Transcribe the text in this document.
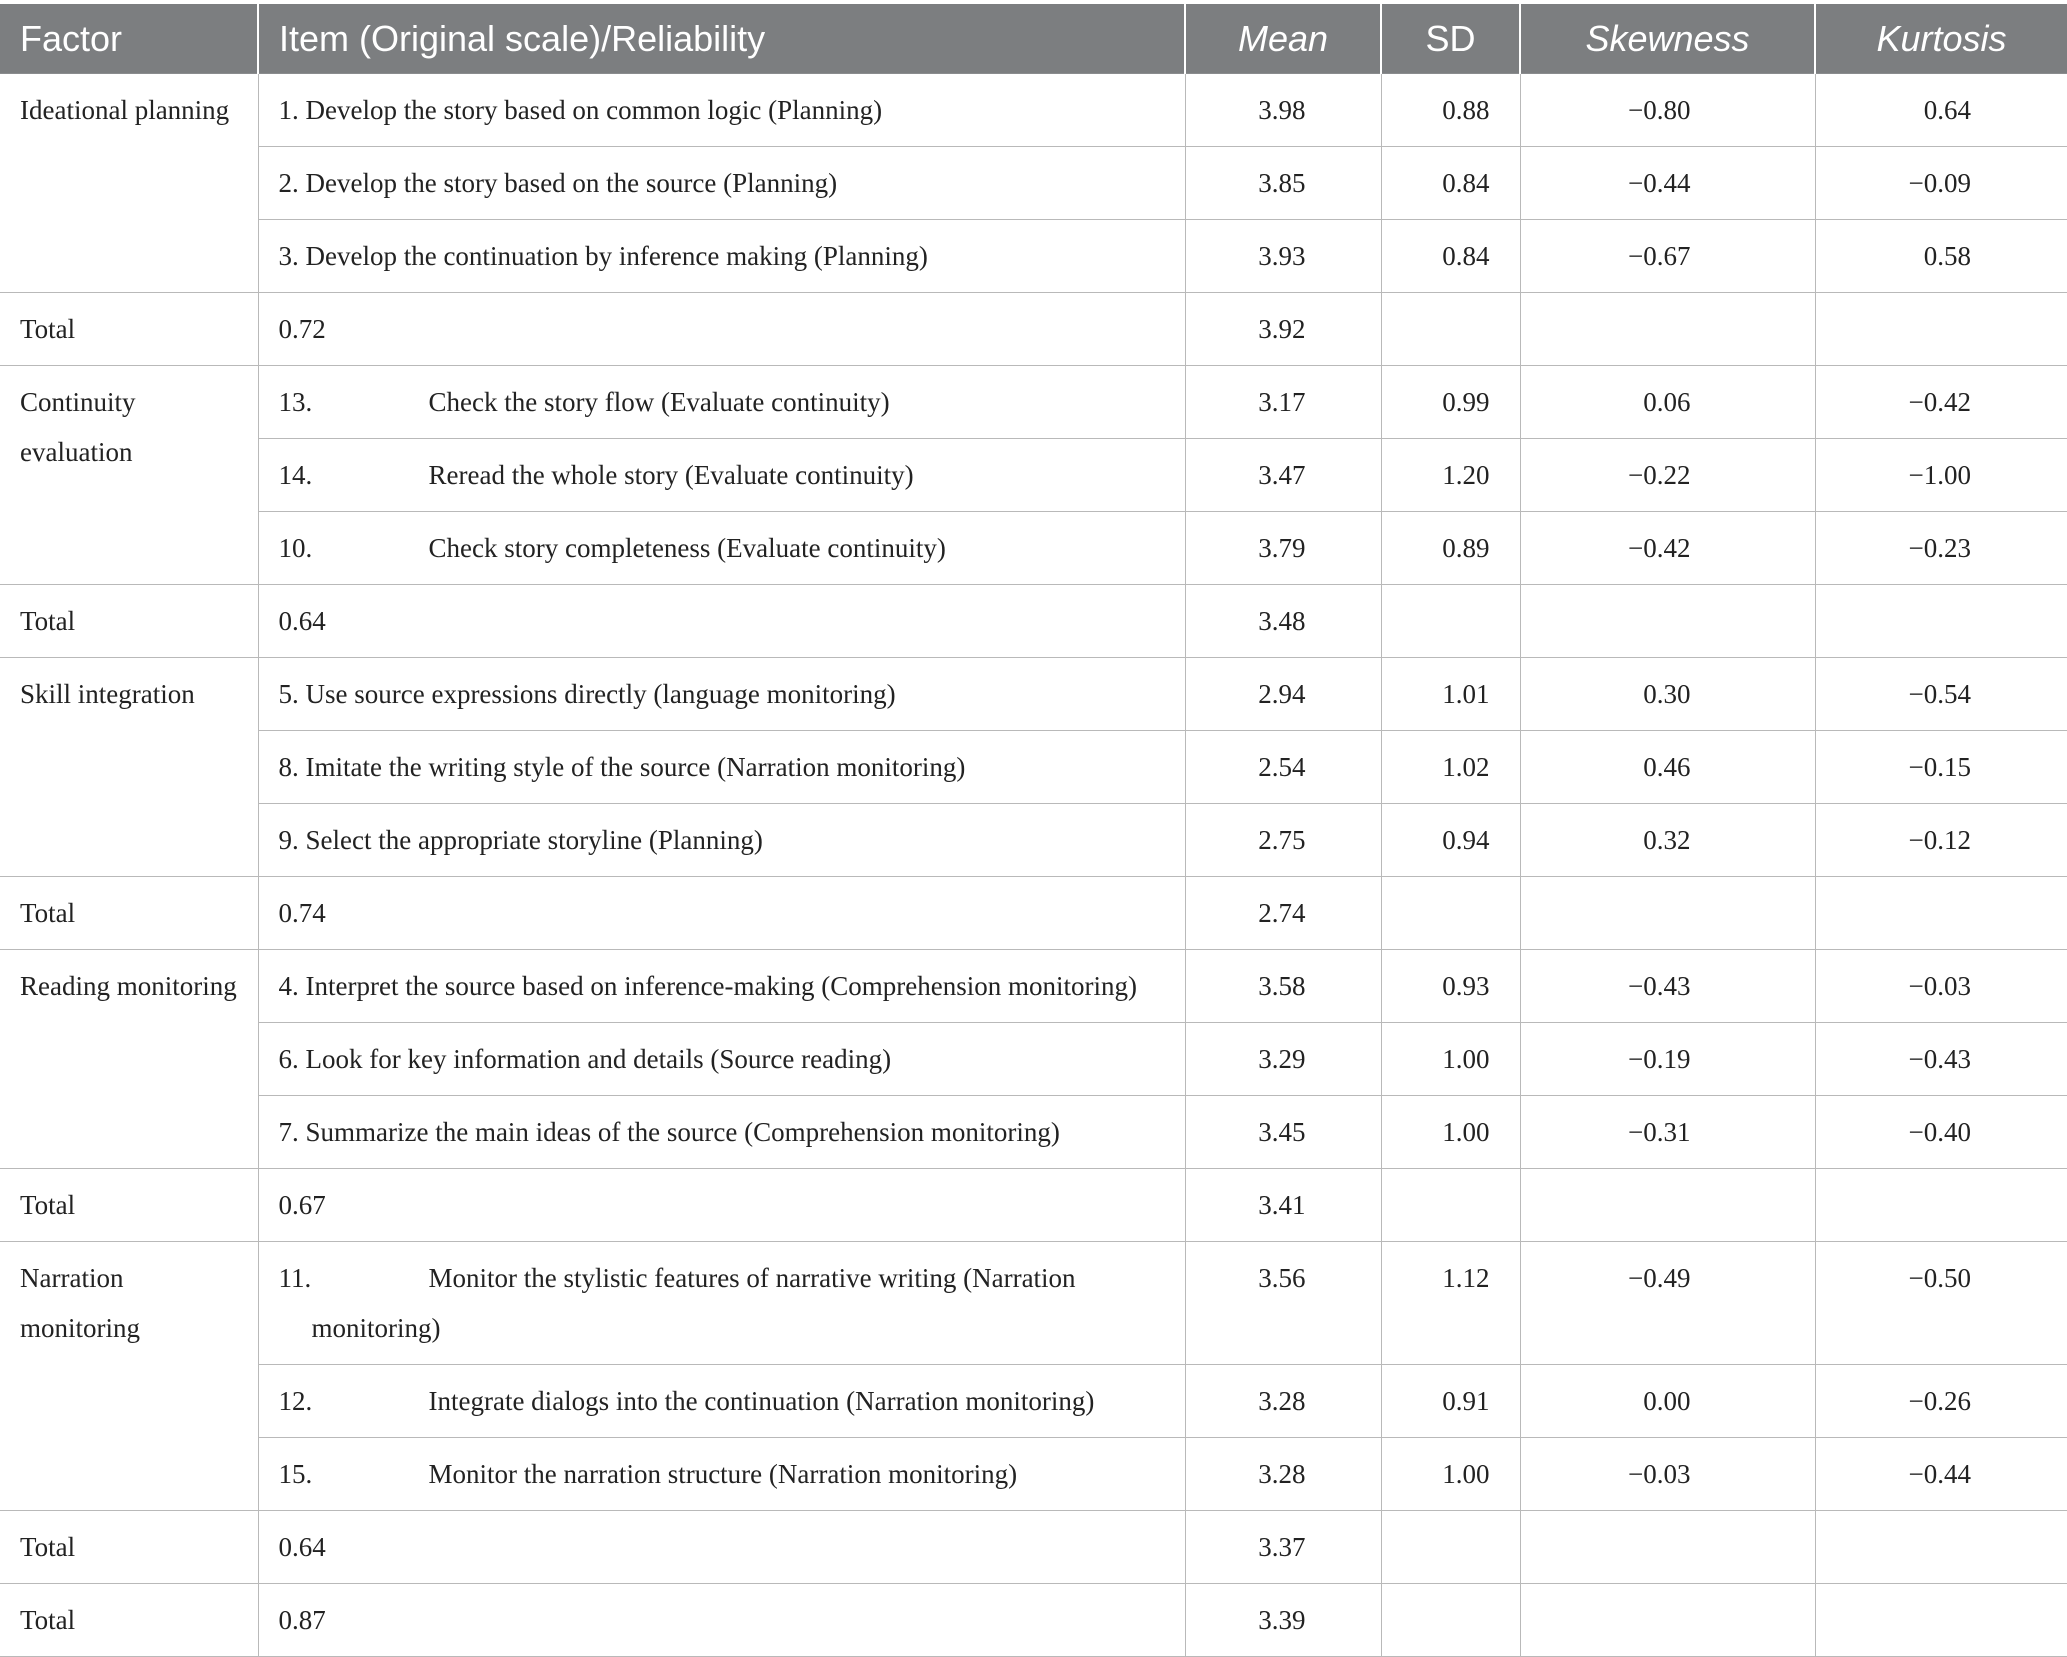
Factor	Item (Original scale)/Reliability	Mean	SD	Skewness	Kurtosis
Ideational planning	1. Develop the story based on common logic (Planning)	3.98	0.88	−0.80	0.64

	2. Develop the story based on the source (Planning)	3.85	0.84	−0.44	−0.09

	3. Develop the continuation by inference making (Planning)	3.93	0.84	−0.67	0.58
Total	0.72	3.92			
Continuity evaluation	13. Check the story flow (Evaluate continuity)	3.17	0.99	0.06	−0.42

	14. Reread the whole story (Evaluate continuity)	3.47	1.20	−0.22	−1.00

	10. Check story completeness (Evaluate continuity)	3.79	0.89	−0.42	−0.23
Total	0.64	3.48			
Skill integration	5. Use source expressions directly (language monitoring)	2.94	1.01	0.30	−0.54

	8. Imitate the writing style of the source (Narration monitoring)	2.54	1.02	0.46	−0.15

	9. Select the appropriate storyline (Planning)	2.75	0.94	0.32	−0.12
Total	0.74	2.74			
Reading monitoring	4. Interpret the source based on inference-making (Comprehension monitoring)	3.58	0.93	−0.43	−0.03

	6. Look for key information and details (Source reading)	3.29	1.00	−0.19	−0.43

	7. Summarize the main ideas of the source (Comprehension monitoring)	3.45	1.00	−0.31	−0.40
Total	0.67	3.41			
Narration monitoring	11. Monitor the stylistic features of narrative writing (Narration monitoring)	3.56	1.12	−0.49	−0.50

	12. Integrate dialogs into the continuation (Narration monitoring)	3.28	0.91	0.00	−0.26

	15. Monitor the narration structure (Narration monitoring)	3.28	1.00	−0.03	−0.44
Total	0.64	3.37			
Total	0.87	3.39			
